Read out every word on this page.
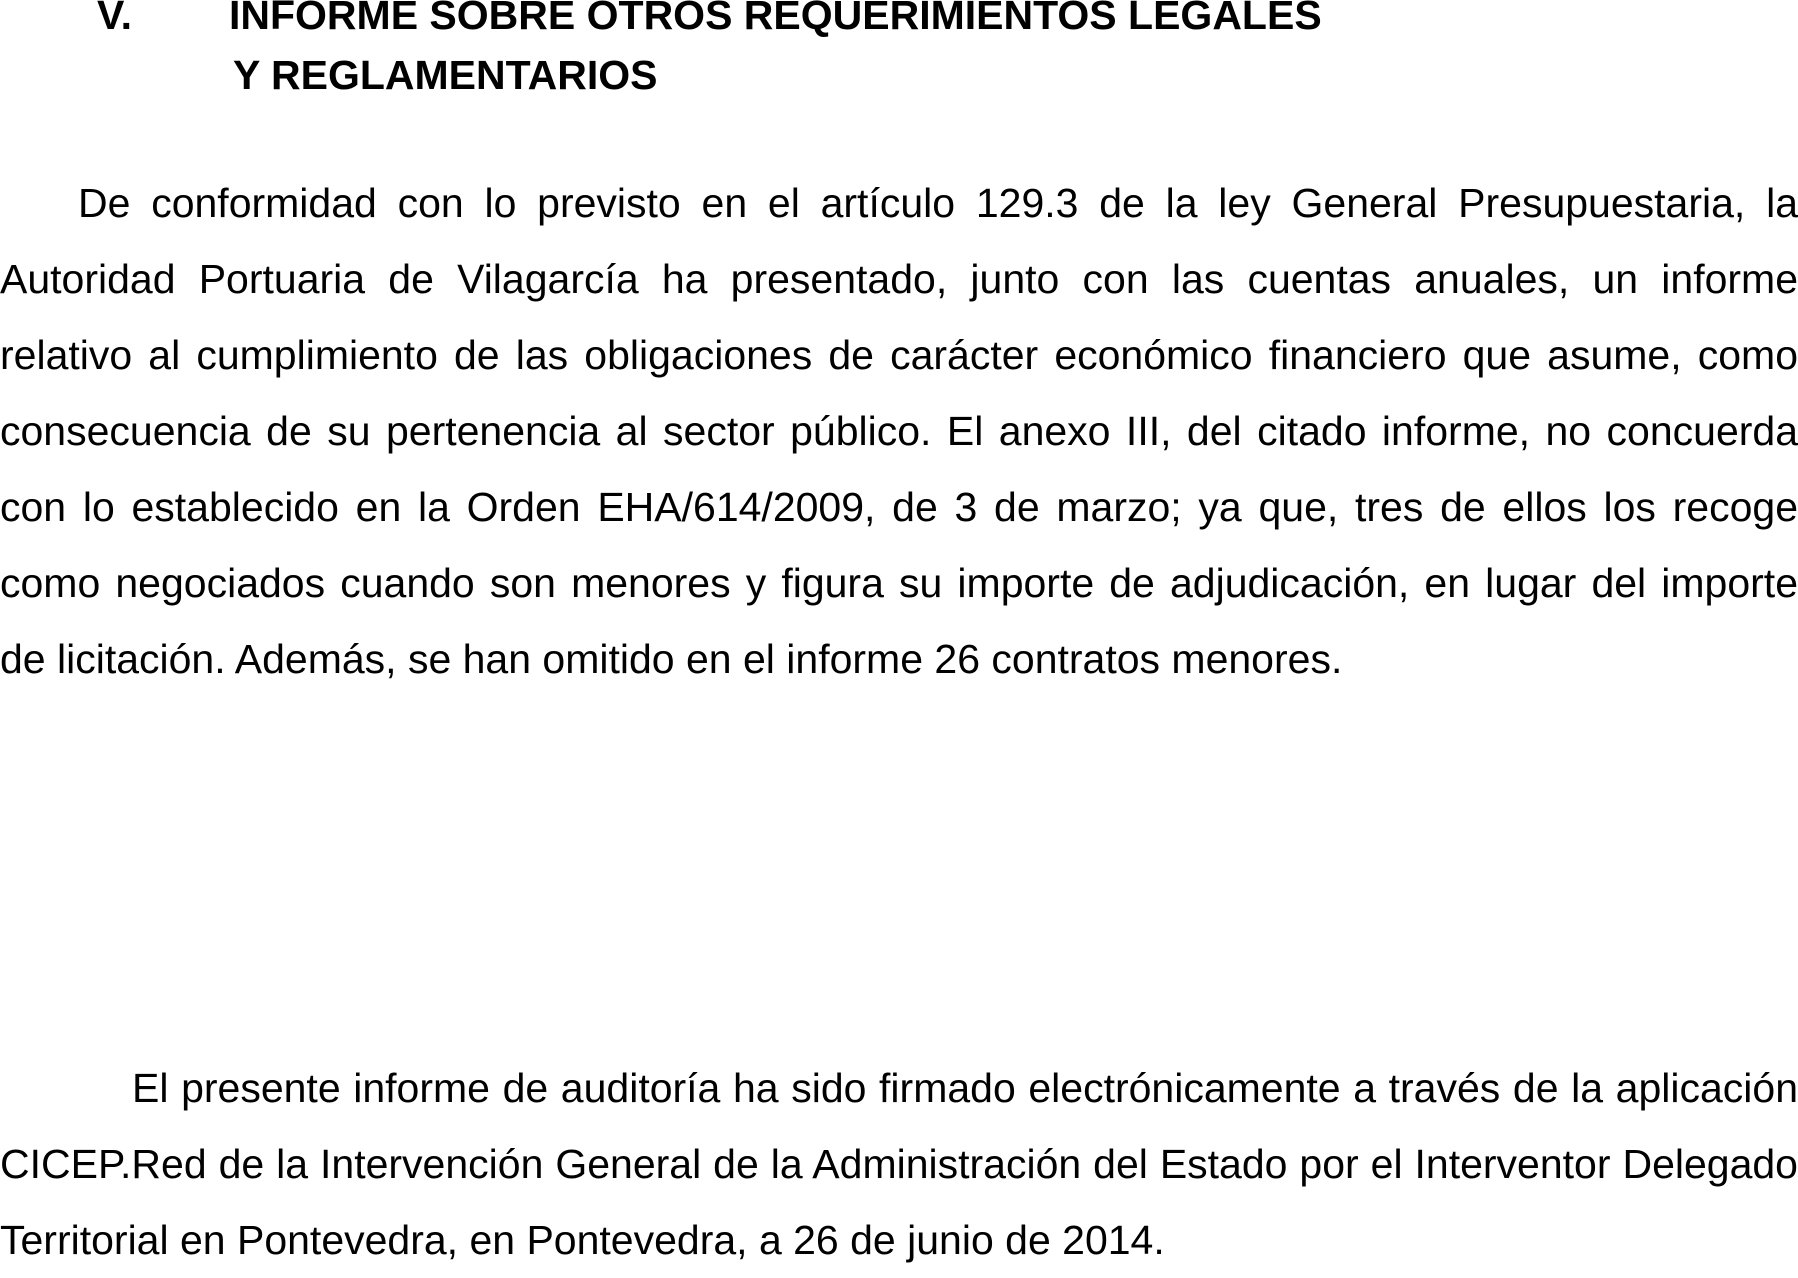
V. INFORME SOBRE OTROS REQUERIMIENTOS LEGALES
Y REGLAMENTARIOS

De conformidad con lo previsto en el artículo 129.3 de la ley General Presupuestaria, la Autoridad Portuaria de Vilagarcía ha presentado, junto con las cuentas anuales, un informe relativo al cumplimiento de las obligaciones de carácter económico financiero que asume, como consecuencia de su pertenencia al sector público. El anexo III, del citado informe, no concuerda con lo establecido en la Orden EHA/614/2009, de 3 de marzo; ya que, tres de ellos los recoge como negociados cuando son menores y figura su importe de adjudicación, en lugar del importe de licitación. Además, se han omitido en el informe 26 contratos menores.

El presente informe de auditoría ha sido firmado electrónicamente a través de la aplicación CICEP.Red de la Intervención General de la Administración del Estado por el Interventor Delegado Territorial en Pontevedra, en Pontevedra, a 26 de junio de 2014.
